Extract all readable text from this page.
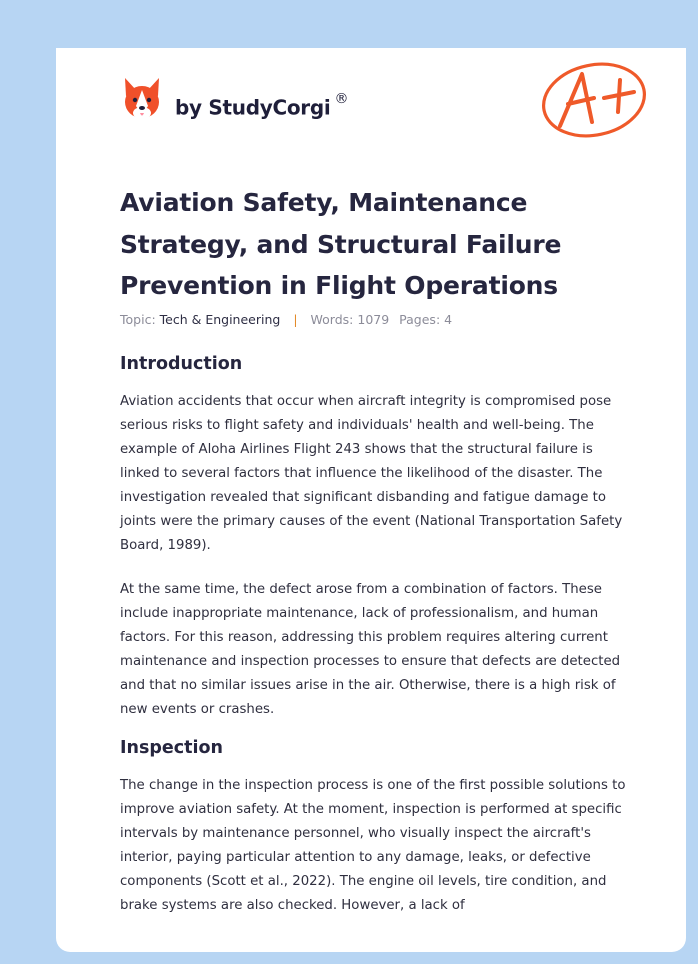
by StudyCorgi ®
Aviation Safety, Maintenance Strategy, and Structural Failure Prevention in Flight Operations
Topic: Tech & Engineering | Words: 1079 Pages: 4
Introduction

Aviation accidents that occur when aircraft integrity is compromised pose serious risks to flight safety and individuals' health and well-being. The example of Aloha Airlines Flight 243 shows that the structural failure is linked to several factors that influence the likelihood of the disaster. The investigation revealed that significant disbanding and fatigue damage to joints were the primary causes of the event (National Transportation Safety Board, 1989).

At the same time, the defect arose from a combination of factors. These include inappropriate maintenance, lack of professionalism, and human factors. For this reason, addressing this problem requires altering current maintenance and inspection processes to ensure that defects are detected and that no similar issues arise in the air. Otherwise, there is a high risk of new events or crashes.

Inspection

The change in the inspection process is one of the first possible solutions to improve aviation safety. At the moment, inspection is performed at specific intervals by maintenance personnel, who visually inspect the aircraft's interior, paying particular attention to any damage, leaks, or defective components (Scott et al., 2022). The engine oil levels, tire condition, and brake systems are also checked. However, a lack of
